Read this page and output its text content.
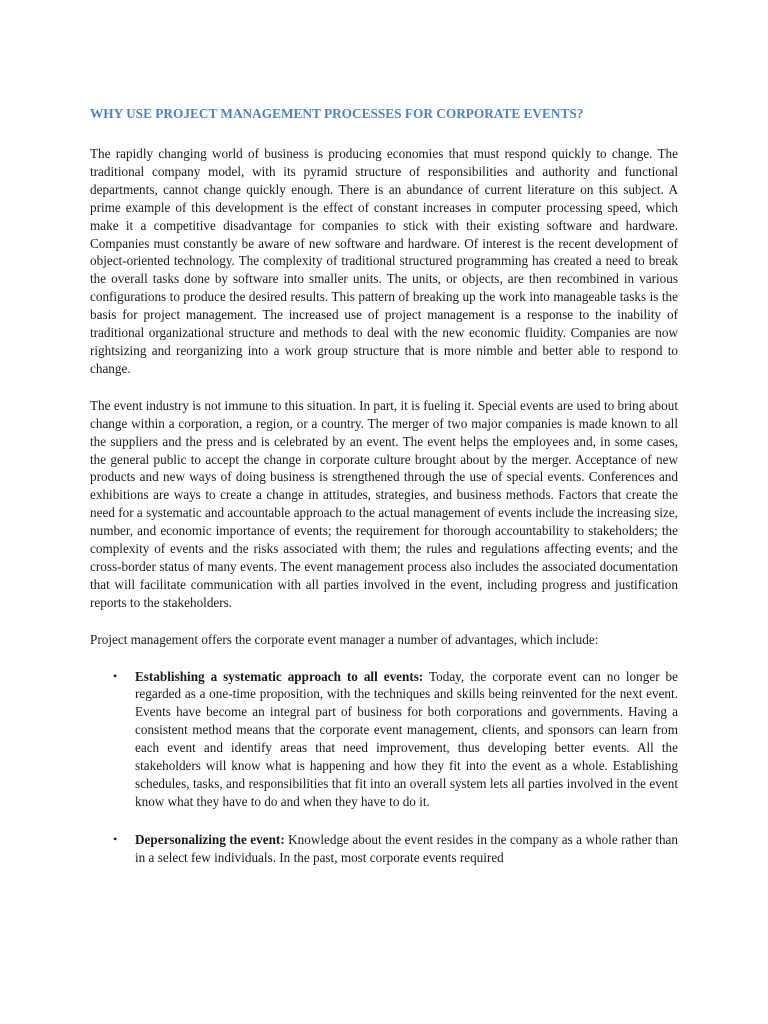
WHY USE PROJECT MANAGEMENT PROCESSES FOR CORPORATE EVENTS?

The rapidly changing world of business is producing economies that must respond quickly to change. The traditional company model, with its pyramid structure of responsibilities and authority and functional departments, cannot change quickly enough. There is an abundance of current literature on this subject. A prime example of this development is the effect of constant increases in computer processing speed, which make it a competitive disadvantage for companies to stick with their existing software and hardware. Companies must constantly be aware of new software and hardware. Of interest is the recent development of object-oriented technology. The complexity of traditional structured programming has created a need to break the overall tasks done by software into smaller units. The units, or objects, are then recombined in various configurations to produce the desired results. This pattern of breaking up the work into manageable tasks is the basis for project management. The increased use of project management is a response to the inability of traditional organizational structure and methods to deal with the new economic fluidity. Companies are now rightsizing and reorganizing into a work group structure that is more nimble and better able to respond to change.

The event industry is not immune to this situation. In part, it is fueling it. Special events are used to bring about change within a corporation, a region, or a country. The merger of two major companies is made known to all the suppliers and the press and is celebrated by an event. The event helps the employees and, in some cases, the general public to accept the change in corporate culture brought about by the merger. Acceptance of new products and new ways of doing business is strengthened through the use of special events. Conferences and exhibitions are ways to create a change in attitudes, strategies, and business methods. Factors that create the need for a systematic and accountable approach to the actual management of events include the increasing size, number, and economic importance of events; the requirement for thorough accountability to stakeholders; the complexity of events and the risks associated with them; the rules and regulations affecting events; and the cross-border status of many events. The event management process also includes the associated documentation that will facilitate communication with all parties involved in the event, including progress and justification reports to the stakeholders.

Project management offers the corporate event manager a number of advantages, which include:

• Establishing a systematic approach to all events: Today, the corporate event can no longer be regarded as a one-time proposition, with the techniques and skills being reinvented for the next event. Events have become an integral part of business for both corporations and governments. Having a consistent method means that the corporate event management, clients, and sponsors can learn from each event and identify areas that need improvement, thus developing better events. All the stakeholders will know what is happening and how they fit into the event as a whole. Establishing schedules, tasks, and responsibilities that fit into an overall system lets all parties involved in the event know what they have to do and when they have to do it.
• Depersonalizing the event: Knowledge about the event resides in the company as a whole rather than in a select few individuals. In the past, most corporate events required
